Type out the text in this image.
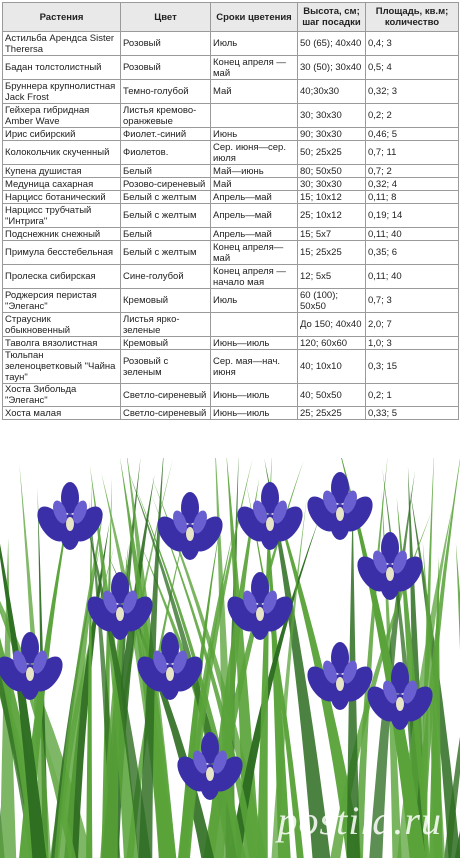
Растения	Цвет	Сроки цветения	Высота, см; шаг посадки	Площадь, кв.м; количество
Астильба Арендса Sister Therersa	Розовый	Июль	50 (65); 40x40	0,4; 3
Бадан толстолистный	Розовый	Конец апреля — май	30 (50); 30x40	0,5; 4
Бруннера крупнолистная Jack Frost	Темно-голубой	Май	40;30x30	0,32; 3
Гейхера гибридная Amber Wave	Листья кремово-оранжевые		30; 30x30	0,2; 2
Ирис сибирский	Фиолет.-синий	Июнь	90; 30x30	0,46; 5
Колокольчик скученный	Фиолетов.	Сер. июня—сер. июля	50; 25x25	0,7; 11
Купена душистая	Белый	Май—июнь	80; 50x50	0,7; 2
Медуница сахарная	Розово-сиреневый	Май	30; 30x30	0,32; 4
Нарцисс ботанический	Белый с желтым	Апрель—май	15; 10x12	0,11; 8
Нарцисс трубчатый "Интрига"	Белый с желтым	Апрель—май	25; 10x12	0,19; 14
Подснежник снежный	Белый	Апрель—май	15; 5x7	0,11; 40
Примула бесстебельная	Белый с желтым	Конец апреля—май	15; 25x25	0,35; 6
Пролеска сибирская	Сине-голубой	Конец апреля —начало мая	12; 5x5	0,11; 40
Роджерсия перистая "Элеганс"	Кремовый	Июль	60 (100); 50x50	0,7; 3
Страусник обыкновенный	Листья ярко-зеленые		До 150; 40x40	2,0; 7
Таволга вязолистная	Кремовый	Июнь—июль	120; 60x60	1,0; 3
Тюльпан зеленоцветковый "Чайна таун"	Розовый с зеленым	Сер. мая—нач. июня	40; 10x10	0,3; 15
Хоста Зибольда "Элеганс"	Светло-сиреневый	Июнь—июль	40; 50x50	0,2; 1
Хоста малая	Светло-сиреневый	Июнь—июль	25; 25x25	0,33; 5
postila.ru
